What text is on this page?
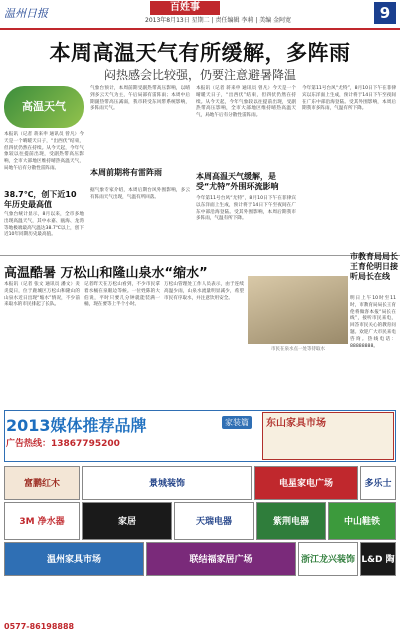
温州日报	百姓事
2013年8月13日 星期二 | 责任编辑 李莉 | 美编 金阿宽	9
本周高温天气有所缓解，多阵雨
闷热感会比较强，仍要注意避暑降温
高温天气
本报讯（记者 蒋来申 通讯员 曾凡）今天是一个晴暖天日子，“出西伏”结束，但四伏仍然在持续。从今天起，今年气象较以往提前出现，受副热带高压影响，全市大部地区维持晴热高温天气，局地午后有分散性雷阵雨。
38.7℃，创下近10年历史最高值
气象台统计显示，8月以来，全市多地出现高温天气，其中永嘉、瓯海、龙湾等地极端最高气温达38.7℃以上，创下近10年同期历史最高值。
气象台预计，本周前期受副热带高压影响，以晴到多云天气为主，午后局部有雷阵雨；本周中后期副热带高压减弱，我市转受东风带系统影响，多阵雨天气。
本周前期将有雷阵雨
据气象专家介绍，本周后期台风外围影响，多云有阵雨天气出现，气温有所回落。
本报讯（记者 蒋来申 通讯员 曾凡）今天是一个晴暖天日子，“出西伏”结束，但四伏仍然在持续。从今天起，今年气象较以往提前出现，受副热带高压影响，全市大部地区维持晴热高温天气，局地午后有分散性雷阵雨。
本周高温天气缓解，是受“尤特”外围环流影响
今年第11号台风“尤特”，8月10日下午在菲律宾以东洋面上生成，预计将于14日下午至夜间在广东中部沿海登陆。受其外围影响，本周后期我市多阵雨，气温有所下降。
今年第11号台风“尤特”，8月10日下午在菲律宾以东洋面上生成，预计将于14日下午至夜间在广东中部沿海登陆。受其外围影响，本周后期我市多阵雨，气温有所下降。
高温酷暑 万松山和隆山泉水“缩水”
本报讯（记者 张文 通讯员 潘文）炎炎夏日，位于鹿城区万松山和隆山的山泉水近日出现“缩水”情况，不少前来取水的市民排起了长队。
记者昨天在万松山看到，不少市民拿着水桶在泉眼边等候。一位姓陈的大伯说，平时只要几分钟就能装满一桶，现在要等上半个小时。
万松山管理处工作人员表示，由于连续高温少雨，山泉水流量明显减少，希望市民有序取水，并注意饮用安全。
市民在泉水点一处等待取水
市教育局局长王育伦明日接听局长在线
明日上午10时至11时，市教育局局长王育伦将做客本报“局长在线”，接听市民来电，回答市民关心的教育问题。欢迎广大市民来电咨询。热线电话：88888888。
2013媒体推荐品牌	家装篇
广告热线：13867795200
东山家具市场
富鹏红木	景城装饰	电星家电广场	多乐士
3M 净水器	家居	天瑞电器	紫荆电器	中山鞋铁
温州家具市场	联结福家居广场	浙江龙兴装饰 L&D 陶瓷
0577-86198888
